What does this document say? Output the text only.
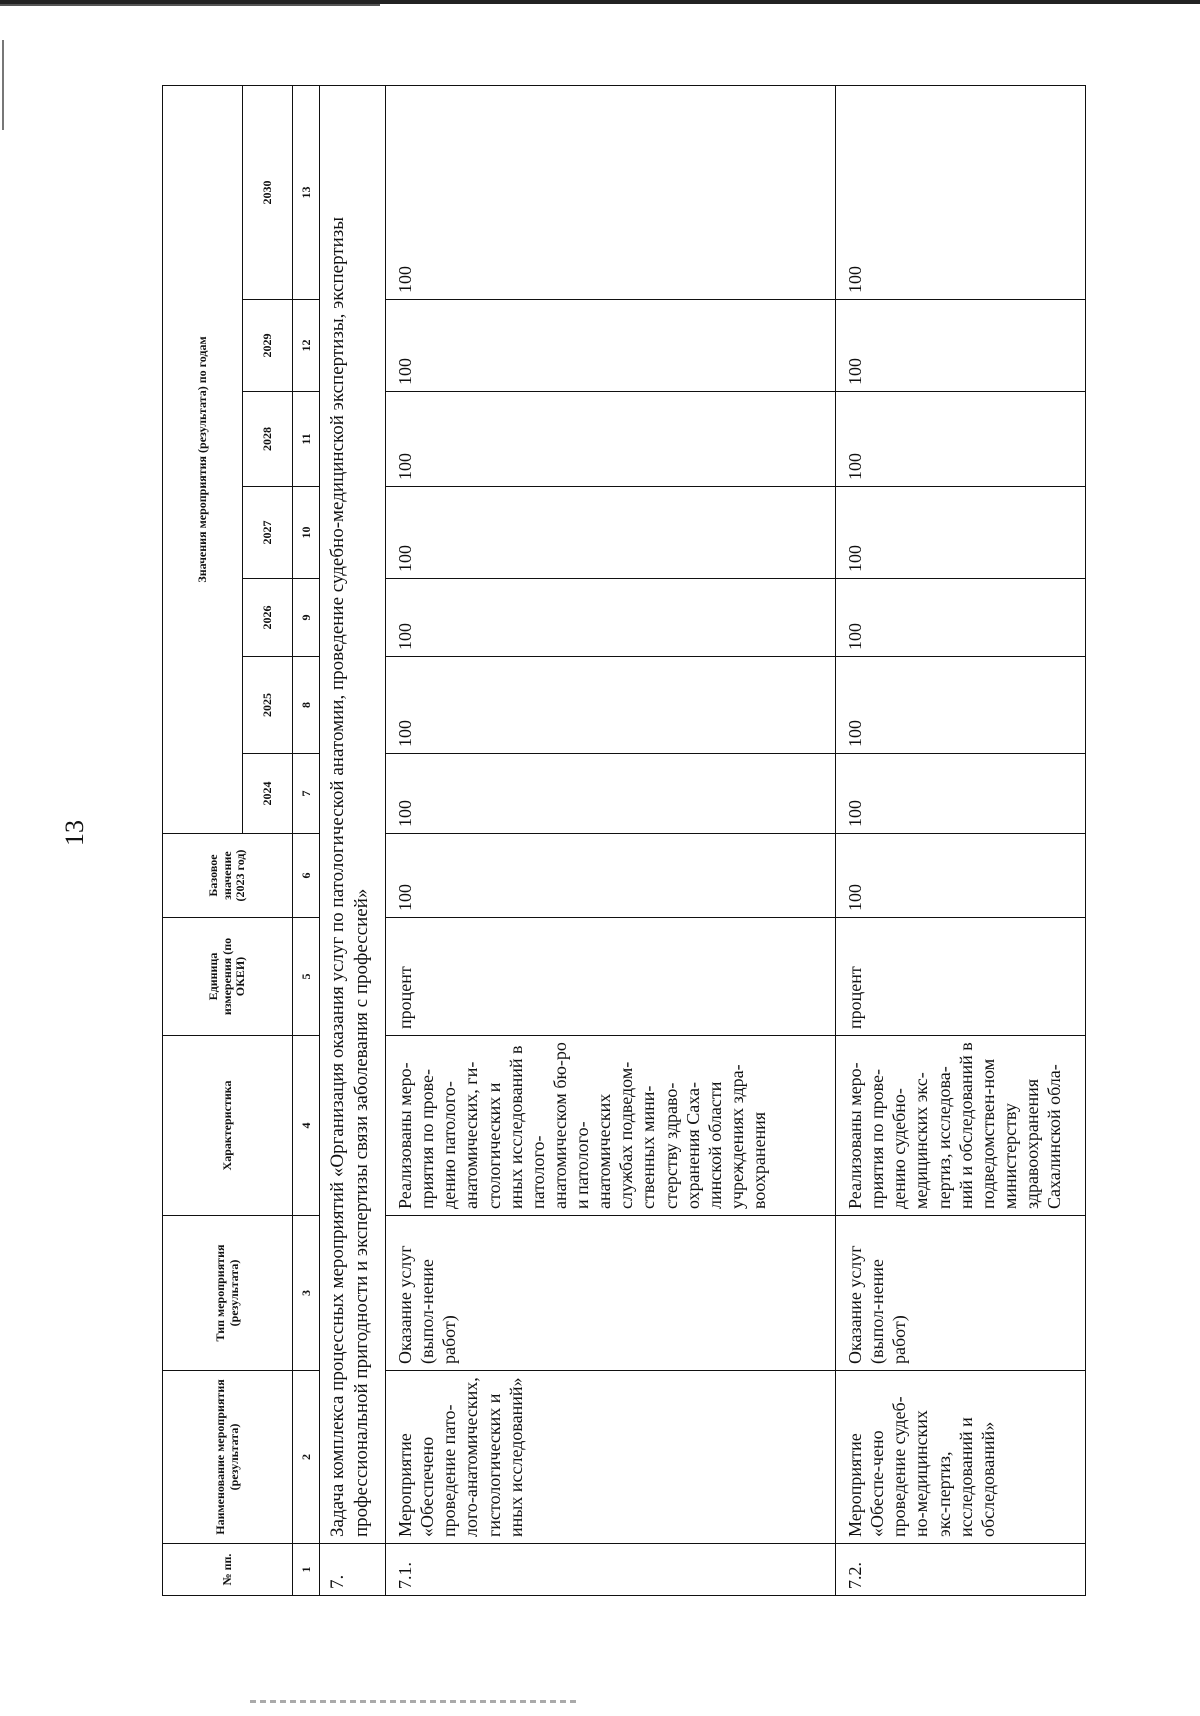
13
№ пп.	Наименование мероприятия (результата)	Тип мероприятия (результата)	Характеристика	Единица измерения (по ОКЕИ)	Базовое значение (2023 год)	Значения мероприятия (результата) по годам						
						2024	2025	2026	2027	2028	2029	2030
1	2	3	4	5	6	7	8	9	10	11	12	13
7.	Задача комплекса процессных мероприятий «Организация оказания услуг по патологической анатомии, проведение судебно-медицинской экспертизы, экспертизы профессиональной пригодности и экспертизы связи заболевания с профессией»											
7.1.	Мероприятие «Обеспечено проведение пато-лого-анатомических, гистологических и иных исследований»	Оказание услуг (выпол-нение работ)	Реализованы меро-приятия по прове-дению патолого-анатомических, ги-стологических и иных исследований в патолого-анатомическом бю-ро и патолого-анатомических службах подведом-ственных мини-стерству здраво-охранения Саха-линской области учреждениях здра-воохранения	процент	100	100	100	100	100	100	100	100
7.2.	Мероприятие «Обеспе-чено проведение судеб-но-медицинских экс-пертиз, исследований и обследований»	Оказание услуг (выпол-нение работ)	Реализованы меро-приятия по прове-дению судебно-медицинских экс-пертиз, исследова-ний и обследований в подведомствен-ном министерству здравоохранения Сахалинской обла-	процент	100	100	100	100	100	100	100	100
